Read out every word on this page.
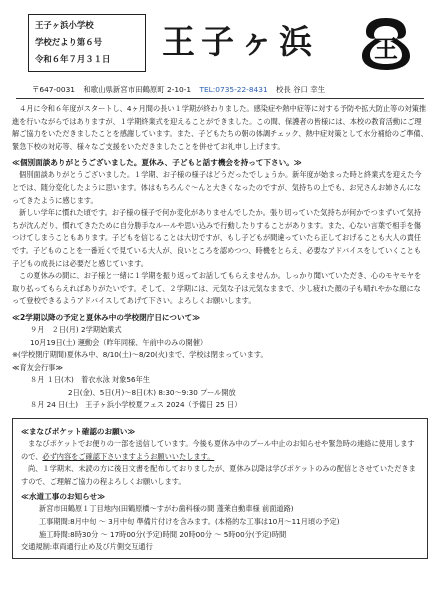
王子ヶ浜小学校
学校だより第６号
令和６年７月３１日	王子ヶ浜 王
〒647-0031 和歌山県新宮市田鶴原町 2-10-1 TEL:0735-22-8431 校長 谷口 幸生

４月に令和６年度がスタートし、4ヶ月間の長い１学期が終わりました。感染症や熱中症等に対する予防や拡大防止等の対策推進を行いながらではありますが、１学期終業式を迎えることができました。この間、保護者の皆様には、本校の教育活動にご理解ご協力をいただきましたことを感謝しています。また、子どもたちの朝の体調チェック、熱中症対策として水分補給のご準備、緊急下校の対応等、様々なご支援をいただきましたことを併せてお礼申し上げます。

≪個別面談ありがとうございました。夏休み、子どもと話す機会を持って下さい。≫

個別面談ありがとうございました。１学期、お子様の様子はどうだったでしょうか。新年度が始まった時と終業式を迎えた今とでは、随分変化したように思います。体はもちろんぐ〜んと大きくなったのですが、気持ちの上でも、お兄さんお姉さんになってきたように感じます。

新しい学年に慣れた頃です。お子様の様子で何か変化がありませんでしたか。張り切っていた気持ちが何かでつまずいて気持ちが沈んだり、慣れてきたために自分勝手なルールや思い込みで行動したりすることがあります。また、心ない言葉で相手を傷つけてしまうこともあります。子どもを信じることは大切ですが、もし子どもが間違っていたら正しておげることも大人の責任です。子どものことを一番近くで見ている大人が、良いところを認めつつ、時機をとらえ、必要なアドバイスをしていくことも子どもの成長には必要だと感じています。

この夏休みの間に、お子様と一緒に１学期を振り返ってお話してもらえませんか。しっかり聞いていただき、心のモヤモヤを取り払ってもらえればありがたいです。そして、２学期には、元気な子は元気なままで、少し疲れた顔の子も晴れやかな顔になって登校できるようアドバイスしてあげて下さい。よろしくお願いします。

≪2学期以降の予定と夏休み中の学校閉庁日について≫
９月　２日(月) 2学期始業式
10月19日(土) 運動会（昨年同様、午前中のみの開催）
※(学校閉庁期間)夏休み中、8/10(土)〜8/20(火)まで、学校は閉まっています。
≪育友会行事≫
８月 １日(木)　着衣水泳 対象56年生
2日(金)、5日(月)〜8日(木) 8:30〜9:30 プール開放
８月 24 日(土)　王子ヶ浜小学校夏フェス 2024（予備日 25 日）
≪まなびポケット確認のお願い≫

まなびポケットでお便りの一部を送信しています。今後も夏休み中のプール中止のお知らせや緊急時の連絡に使用しますので、必ず内容をご確認下さいますようお願いいたします。

尚、１学期末、未読の方に後日文書を配布しておりましたが、夏休み以降は学びポケットのみの配信とさせていただきますので、ご理解ご協力の程よろしくお願いします。

≪水道工事のお知らせ≫
新宮市田鶴原１丁目地内(田鶴原橋〜すがわ歯科様の間 蓬莱自動車様 前面道路)
工事期間:8月中旬 〜 3月中旬 準備片付けを含みます。(本格的な工事は10月〜11月頃の予定)
施工時間:8時30分 〜 17時00分(予定)時間 20時00分 〜 5時00分(予定)時間
交通規制:車両通行止め及び片側交互通行
